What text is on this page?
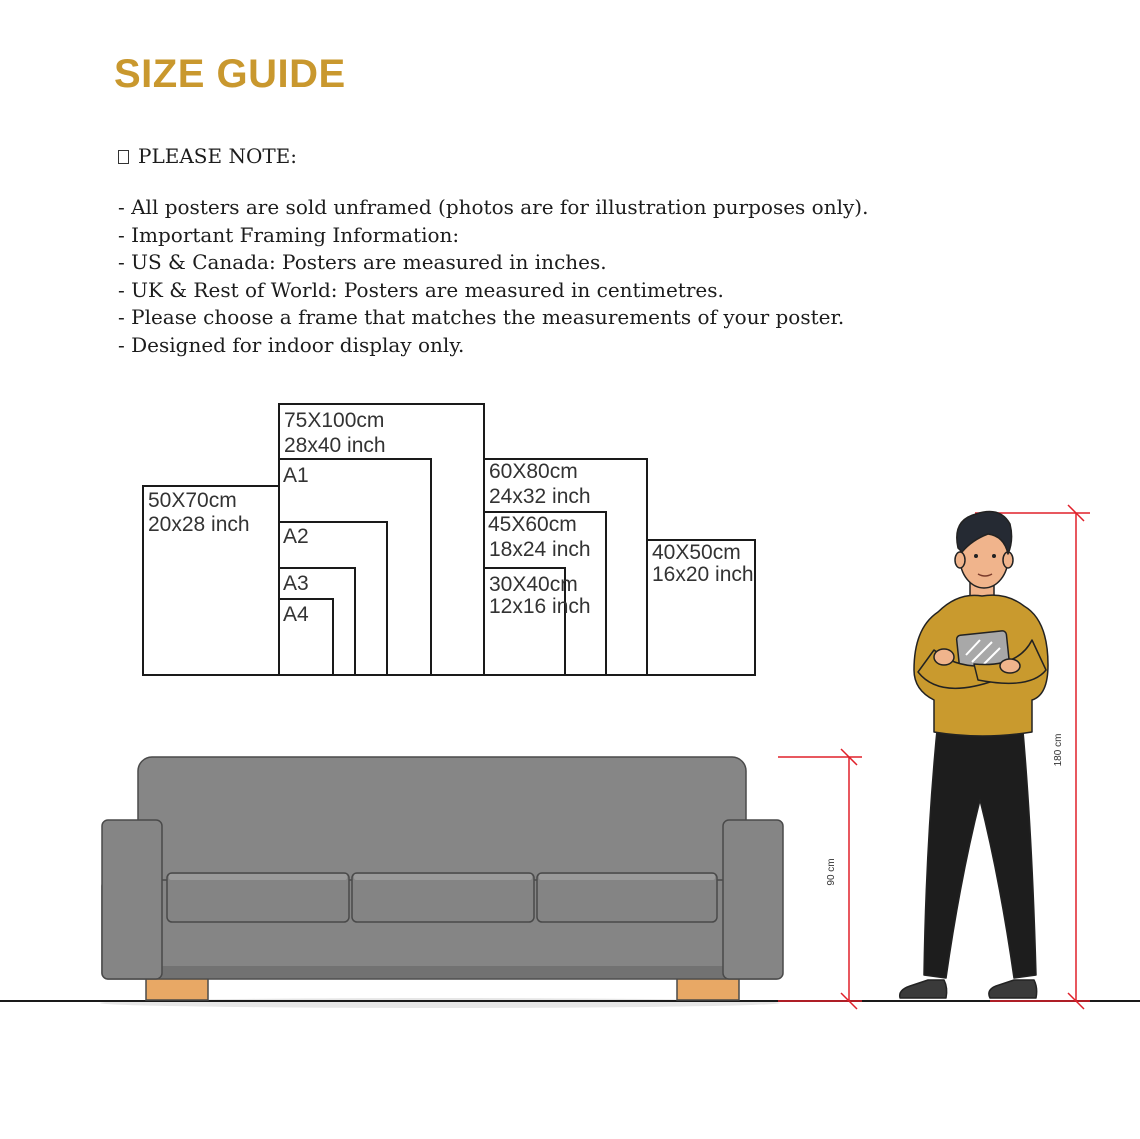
SIZE GUIDE
PLEASE NOTE:
- All posters are sold unframed (photos are for illustration purposes only).
- Important Framing Information:
- US & Canada: Posters are measured in inches.
- UK & Rest of World: Posters are measured in centimetres.
- Please choose a frame that matches the measurements of your poster.
- Designed for indoor display only.
75X100cm
28x40 inch
A1
A2
A3
A4
50X70cm
20x28 inch
60X80cm
24x32 inch
45X60cm
18x24 inch
30X40cm
12x16 inch
40X50cm
16x20 inch
90 cm
180 cm
